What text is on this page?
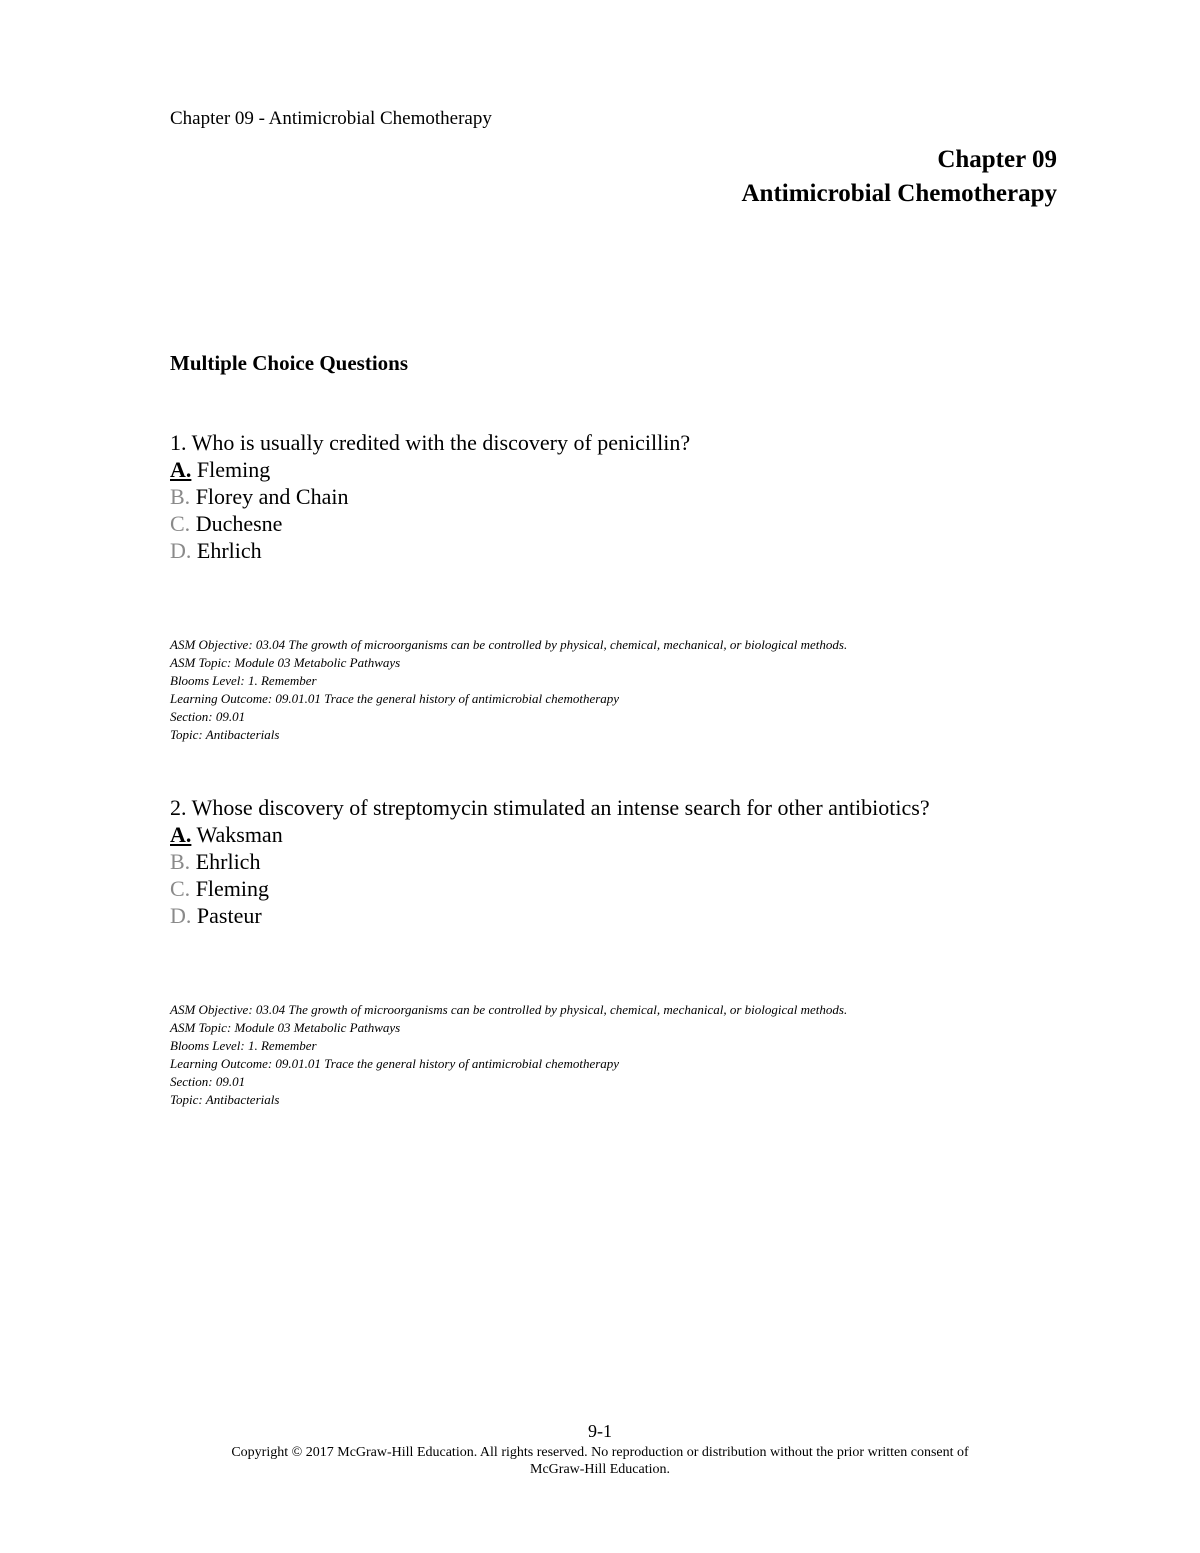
Chapter 09 - Antimicrobial Chemotherapy
Chapter 09
Antimicrobial Chemotherapy
Multiple Choice Questions
1. Who is usually credited with the discovery of penicillin?
A. Fleming
B. Florey and Chain
C. Duchesne
D. Ehrlich
ASM Objective: 03.04 The growth of microorganisms can be controlled by physical, chemical, mechanical, or biological methods.
ASM Topic: Module 03 Metabolic Pathways
Blooms Level: 1. Remember
Learning Outcome: 09.01.01 Trace the general history of antimicrobial chemotherapy
Section: 09.01
Topic: Antibacterials
2. Whose discovery of streptomycin stimulated an intense search for other antibiotics?
A. Waksman
B. Ehrlich
C. Fleming
D. Pasteur
ASM Objective: 03.04 The growth of microorganisms can be controlled by physical, chemical, mechanical, or biological methods.
ASM Topic: Module 03 Metabolic Pathways
Blooms Level: 1. Remember
Learning Outcome: 09.01.01 Trace the general history of antimicrobial chemotherapy
Section: 09.01
Topic: Antibacterials
9-1
Copyright © 2017 McGraw-Hill Education. All rights reserved. No reproduction or distribution without the prior written consent of
McGraw-Hill Education.
